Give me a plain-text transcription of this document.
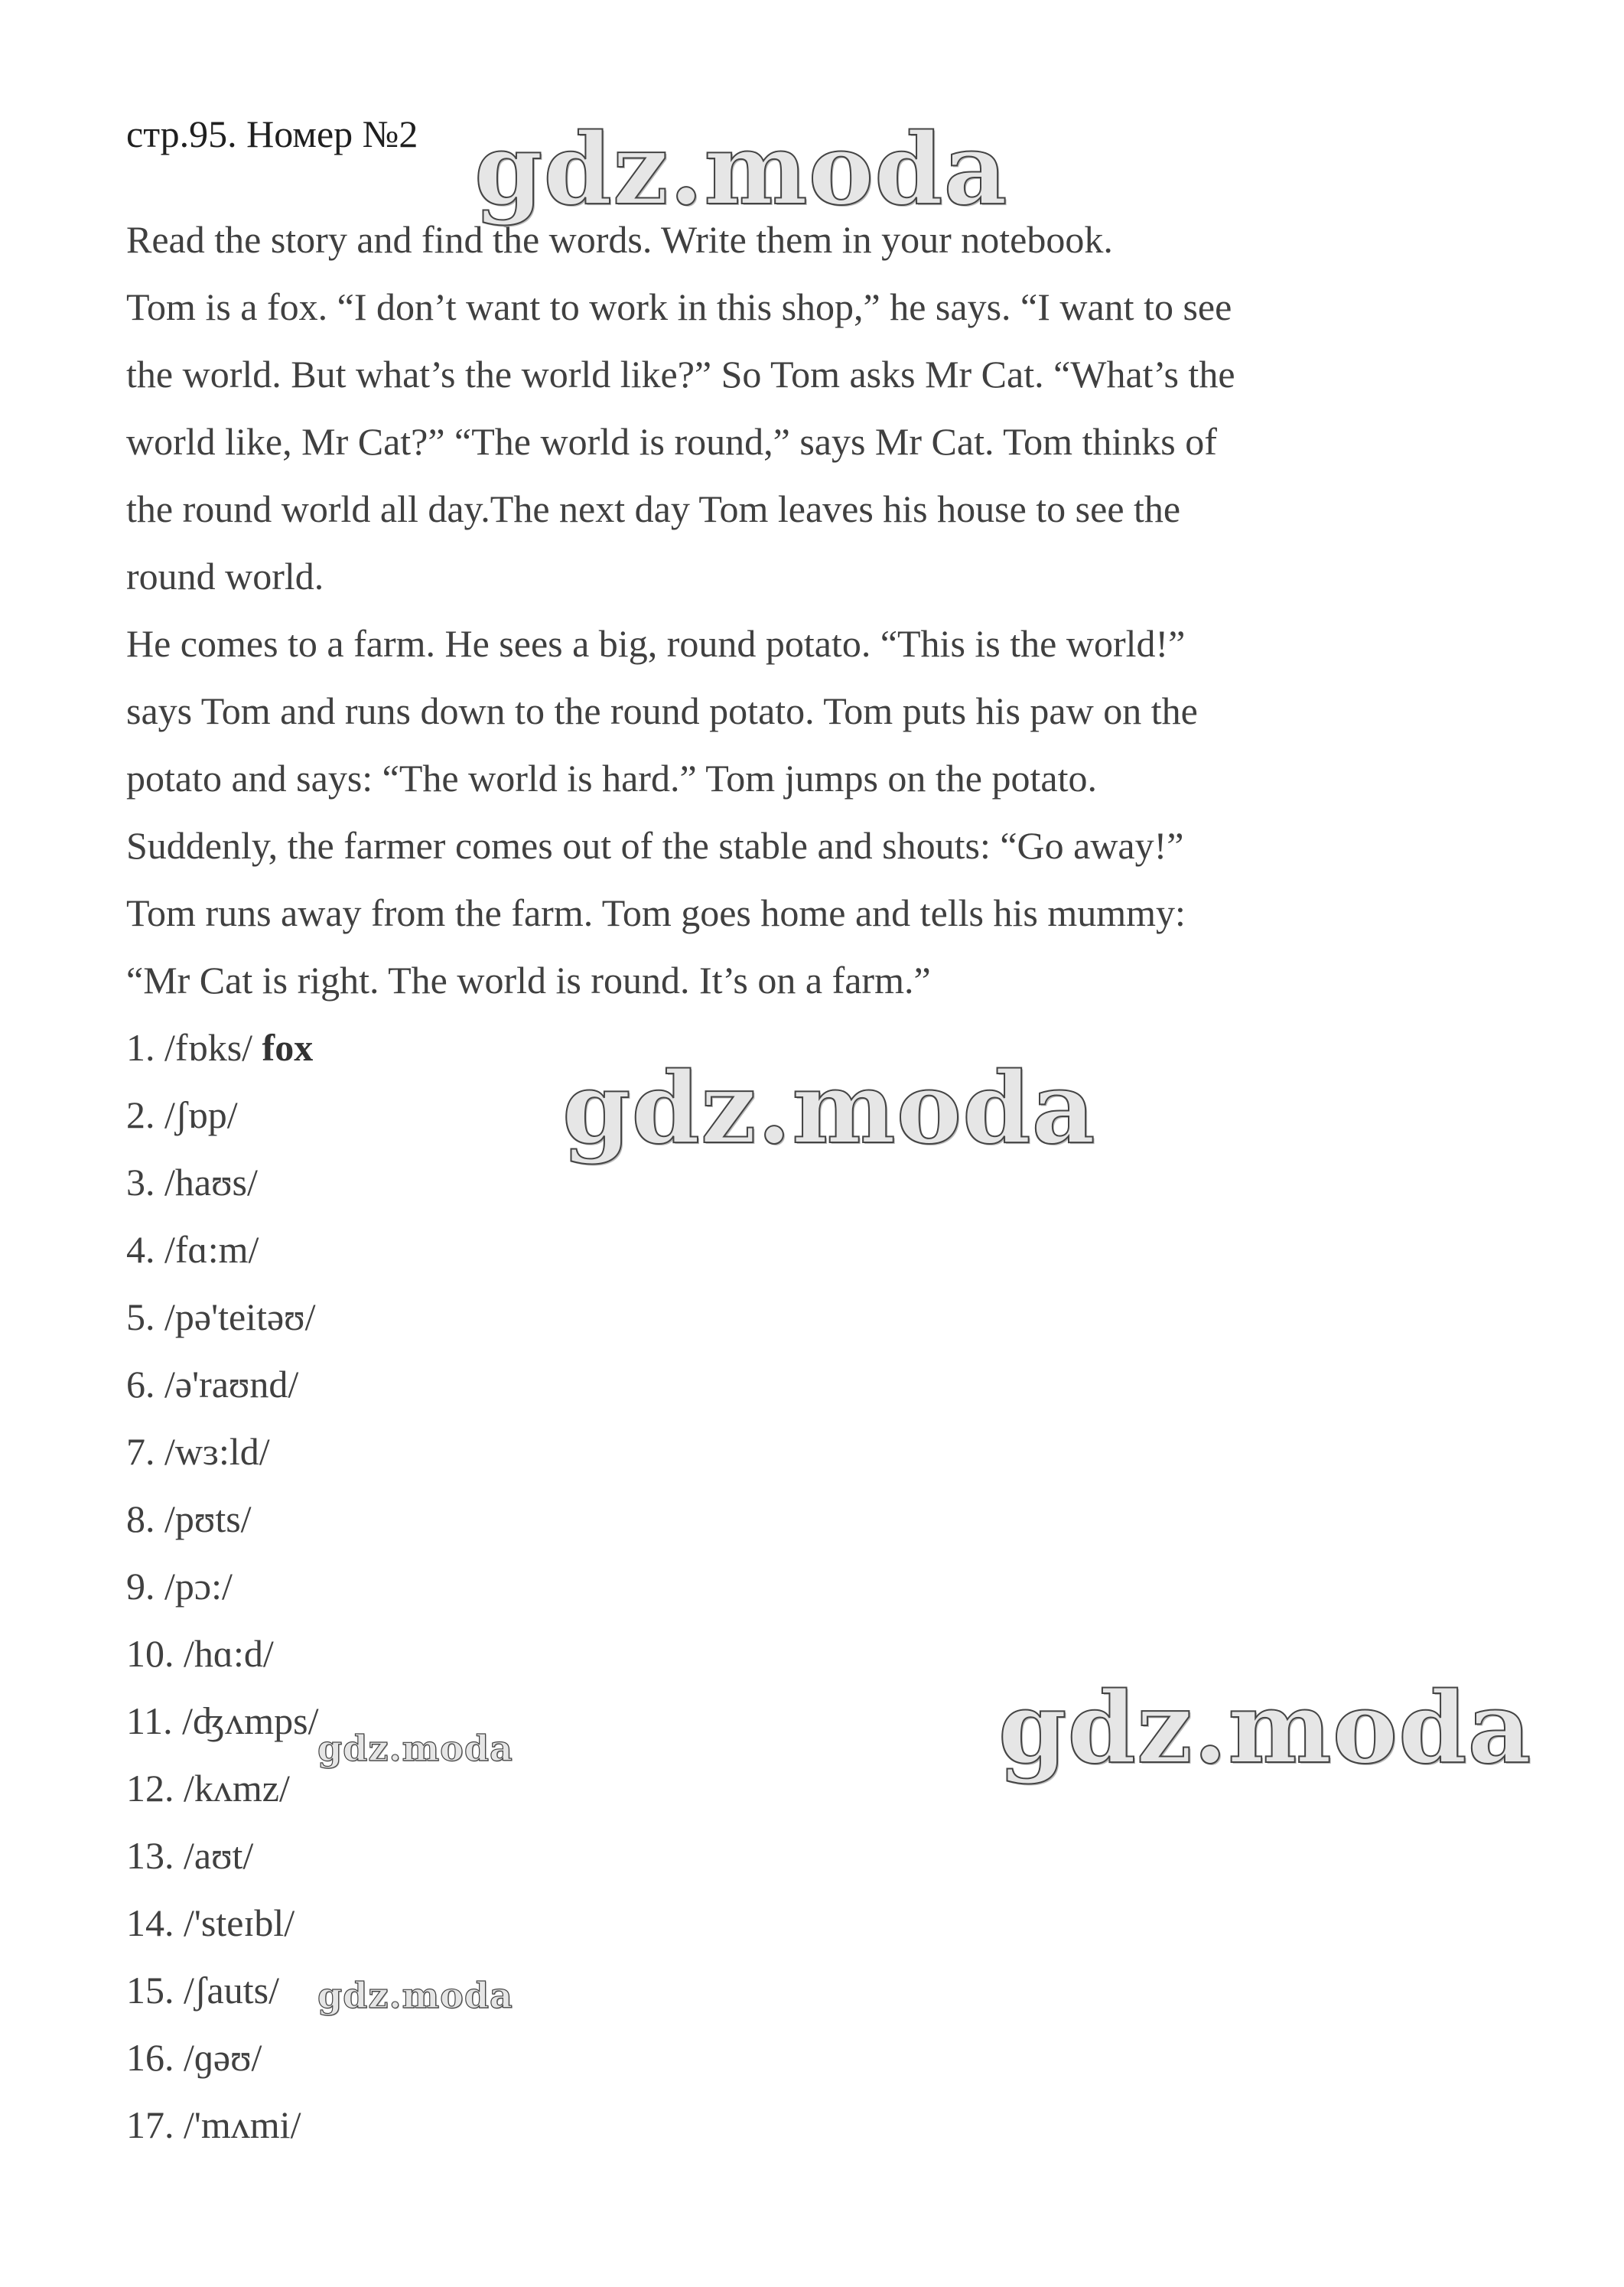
стр.95. Номер №2
Read the story and find the words. Write them in your notebook.
Tom is a fox. “I don’t want to work in this shop,” he says. “I want to see
the world. But what’s the world like?” So Tom asks Mr Cat. “What’s the
world like, Mr Cat?” “The world is round,” says Mr Cat. Tom thinks of
the round world all day.The next day Tom leaves his house to see the
round world.
He comes to a farm. He sees a big, round potato. “This is the world!”
says Tom and runs down to the round potato. Tom puts his paw on the
potato and says: “The world is hard.” Tom jumps on the potato.
Suddenly, the farmer comes out of the stable and shouts: “Go away!”
Tom runs away from the farm. Tom goes home and tells his mummy:
“Mr Cat is right. The world is round. It’s on a farm.”
1. /fɒks/ fox
2. /ʃɒp/
3. /haʊs/
4. /fɑ:m/
5. /pə'teitəʊ/
6. /ə'raʊnd/
7. /wɜ:ld/
8. /pʊts/
9. /pɔ:/
10. /hɑ:d/
11. /ʤʌmps/
12. /kʌmz/
13. /aʊt/
14. /'steɪbl/
15. /ʃauts/
16. /ɡəʊ/
17. /'mʌmi/
gdz.moda
gdz.moda
gdz.moda
gdz.moda
gdz.moda
